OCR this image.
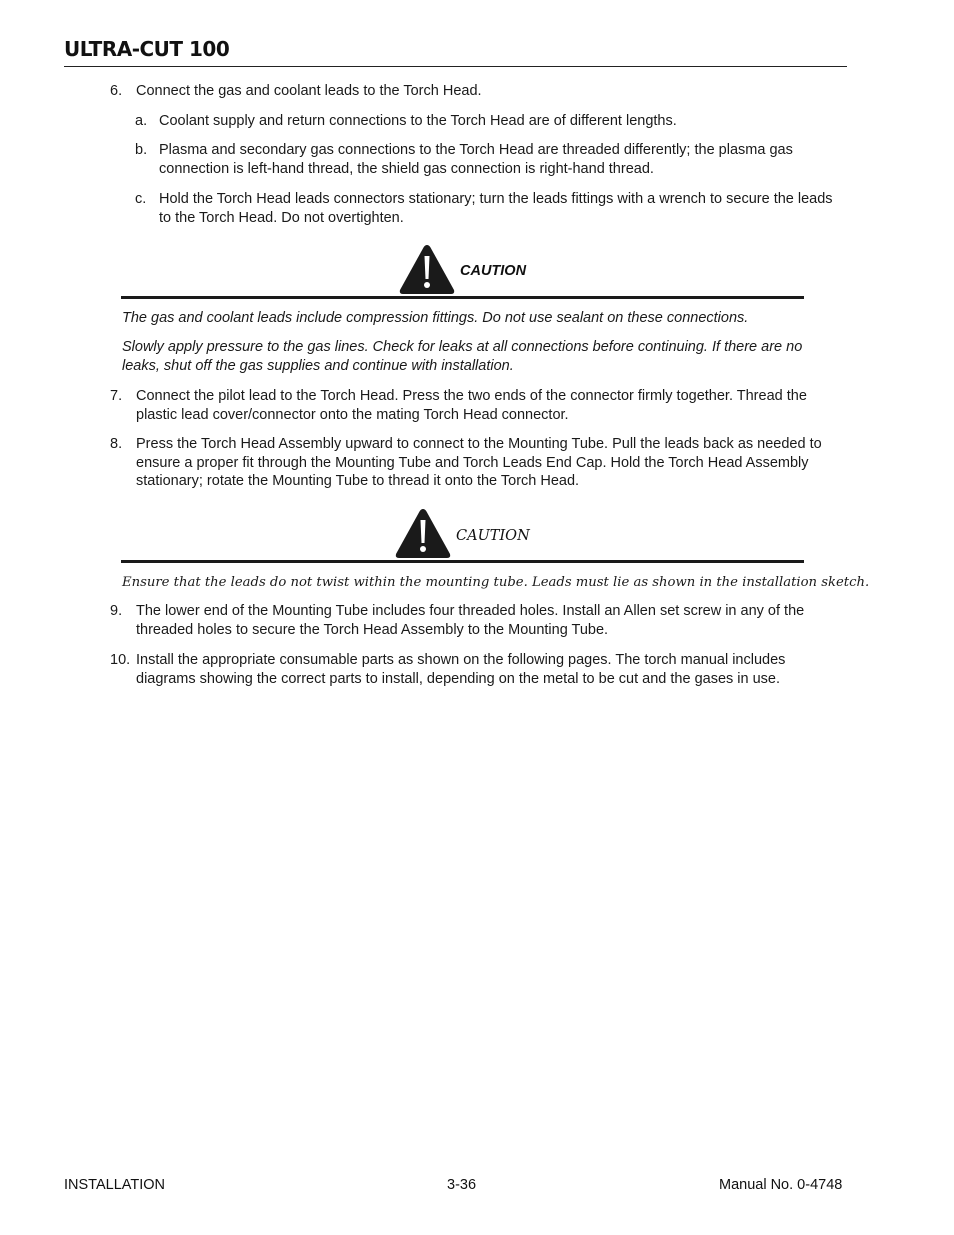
ULTRA-CUT 100
6. Connect the gas and coolant leads to the Torch Head.
a. Coolant supply and return connections to the Torch Head are of different lengths.
b. Plasma and secondary gas connections to the Torch Head are threaded differently; the plasma gas connection is left-hand thread, the shield gas connection is right-hand thread.
c. Hold the Torch Head leads connectors stationary; turn the leads fittings with a wrench to secure the leads to the Torch Head. Do not overtighten.
CAUTION
The gas and coolant leads include compression fittings. Do not use sealant on these connections.
Slowly apply pressure to the gas lines. Check for leaks at all connections before continuing. If there are no leaks, shut off the gas supplies and continue with installation.
7. Connect the pilot lead to the Torch Head. Press the two ends of the connector firmly together. Thread the plastic lead cover/connector onto the mating Torch Head connector.
8. Press the Torch Head Assembly upward to connect to the Mounting Tube. Pull the leads back as needed to ensure a proper fit through the Mounting Tube and Torch Leads End Cap. Hold the Torch Head Assembly stationary; rotate the Mounting Tube to thread it onto the Torch Head.
CAUTION
Ensure that the leads do not twist within the mounting tube. Leads must lie as shown in the installation sketch.
9. The lower end of the Mounting Tube includes four threaded holes. Install an Allen set screw in any of the threaded holes to secure the Torch Head Assembly to the Mounting Tube.
10. Install the appropriate consumable parts as shown on the following pages. The torch manual includes diagrams showing the correct parts to install, depending on the metal to be cut and the gases in use.
INSTALLATION	3-36	Manual No. 0-4748
